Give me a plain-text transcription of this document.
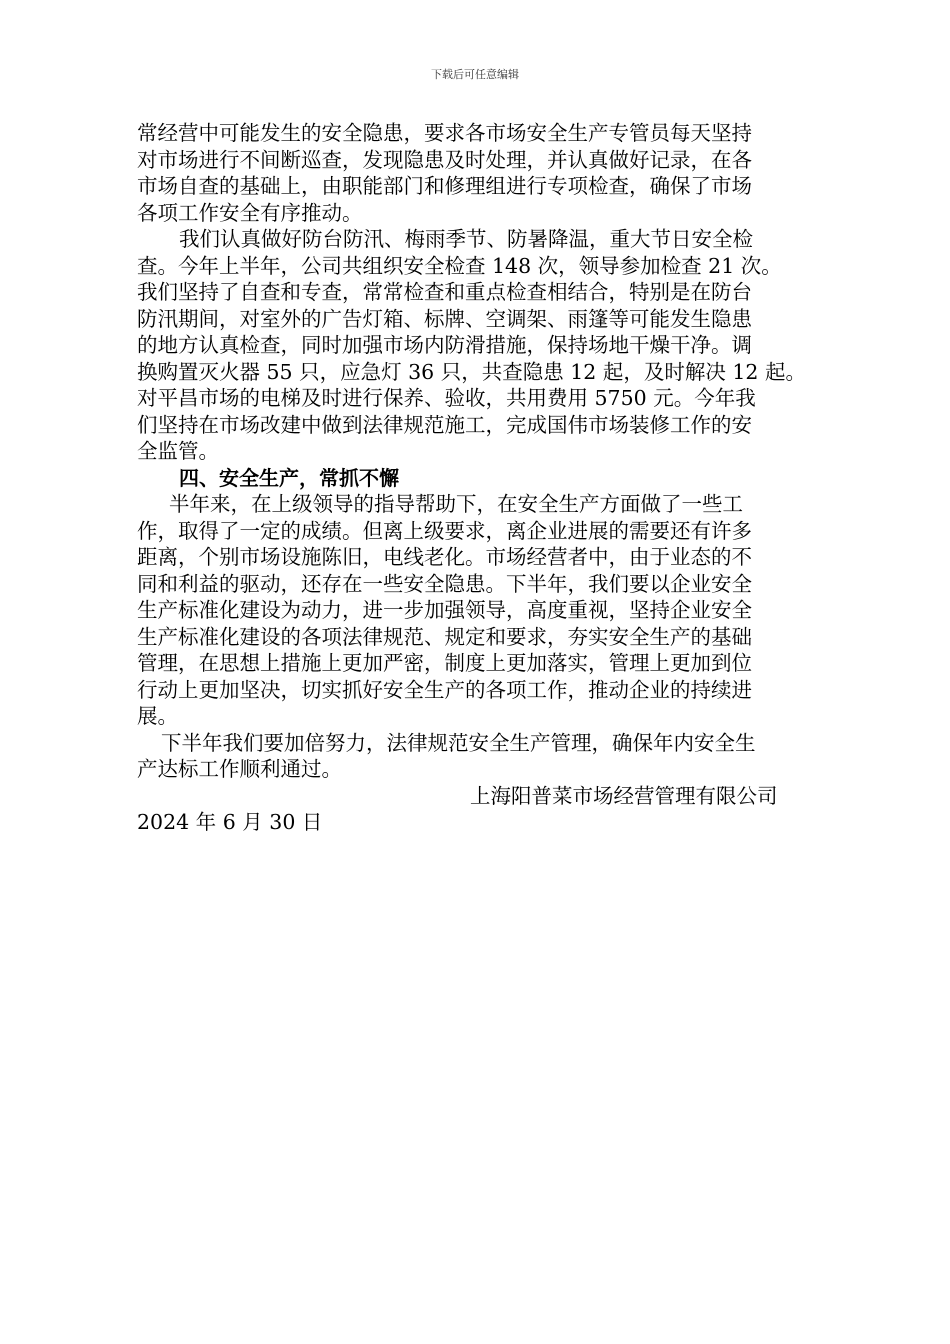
下载后可任意编辑
常经营中可能发生的安全隐患，要求各市场安全生产专管员每天坚持
对市场进行不间断巡查，发现隐患及时处理，并认真做好记录，在各
市场自查的基础上，由职能部门和修理组进行专项检查，确保了市场
各项工作安全有序推动。
我们认真做好防台防汛、梅雨季节、防暑降温，重大节日安全检
查。今年上半年，公司共组织安全检查 148 次，领导参加检查 21 次。
我们坚持了自查和专查，常常检查和重点检查相结合，特别是在防台
防汛期间，对室外的广告灯箱、标牌、空调架、雨篷等可能发生隐患
的地方认真检查，同时加强市场内防滑措施，保持场地干燥干净。调
换购置灭火器 55 只，应急灯 36 只，共查隐患 12 起，及时解决 12 起。
对平昌市场的电梯及时进行保养、验收，共用费用 5750 元。今年我
们坚持在市场改建中做到法律规范施工，完成国伟市场装修工作的安
全监管。
四、安全生产，常抓不懈
半年来，在上级领导的指导帮助下，在安全生产方面做了一些工
作，取得了一定的成绩。但离上级要求，离企业进展的需要还有许多
距离，个别市场设施陈旧，电线老化。市场经营者中，由于业态的不
同和利益的驱动，还存在一些安全隐患。下半年，我们要以企业安全
生产标准化建设为动力，进一步加强领导，高度重视，坚持企业安全
生产标准化建设的各项法律规范、规定和要求，夯实安全生产的基础
管理，在思想上措施上更加严密，制度上更加落实，管理上更加到位
行动上更加坚决，切实抓好安全生产的各项工作，推动企业的持续进
展。
下半年我们要加倍努力，法律规范安全生产管理，确保年内安全生
产达标工作顺利通过。
上海阳普菜市场经营管理有限公司
2024 年 6 月 30 日
